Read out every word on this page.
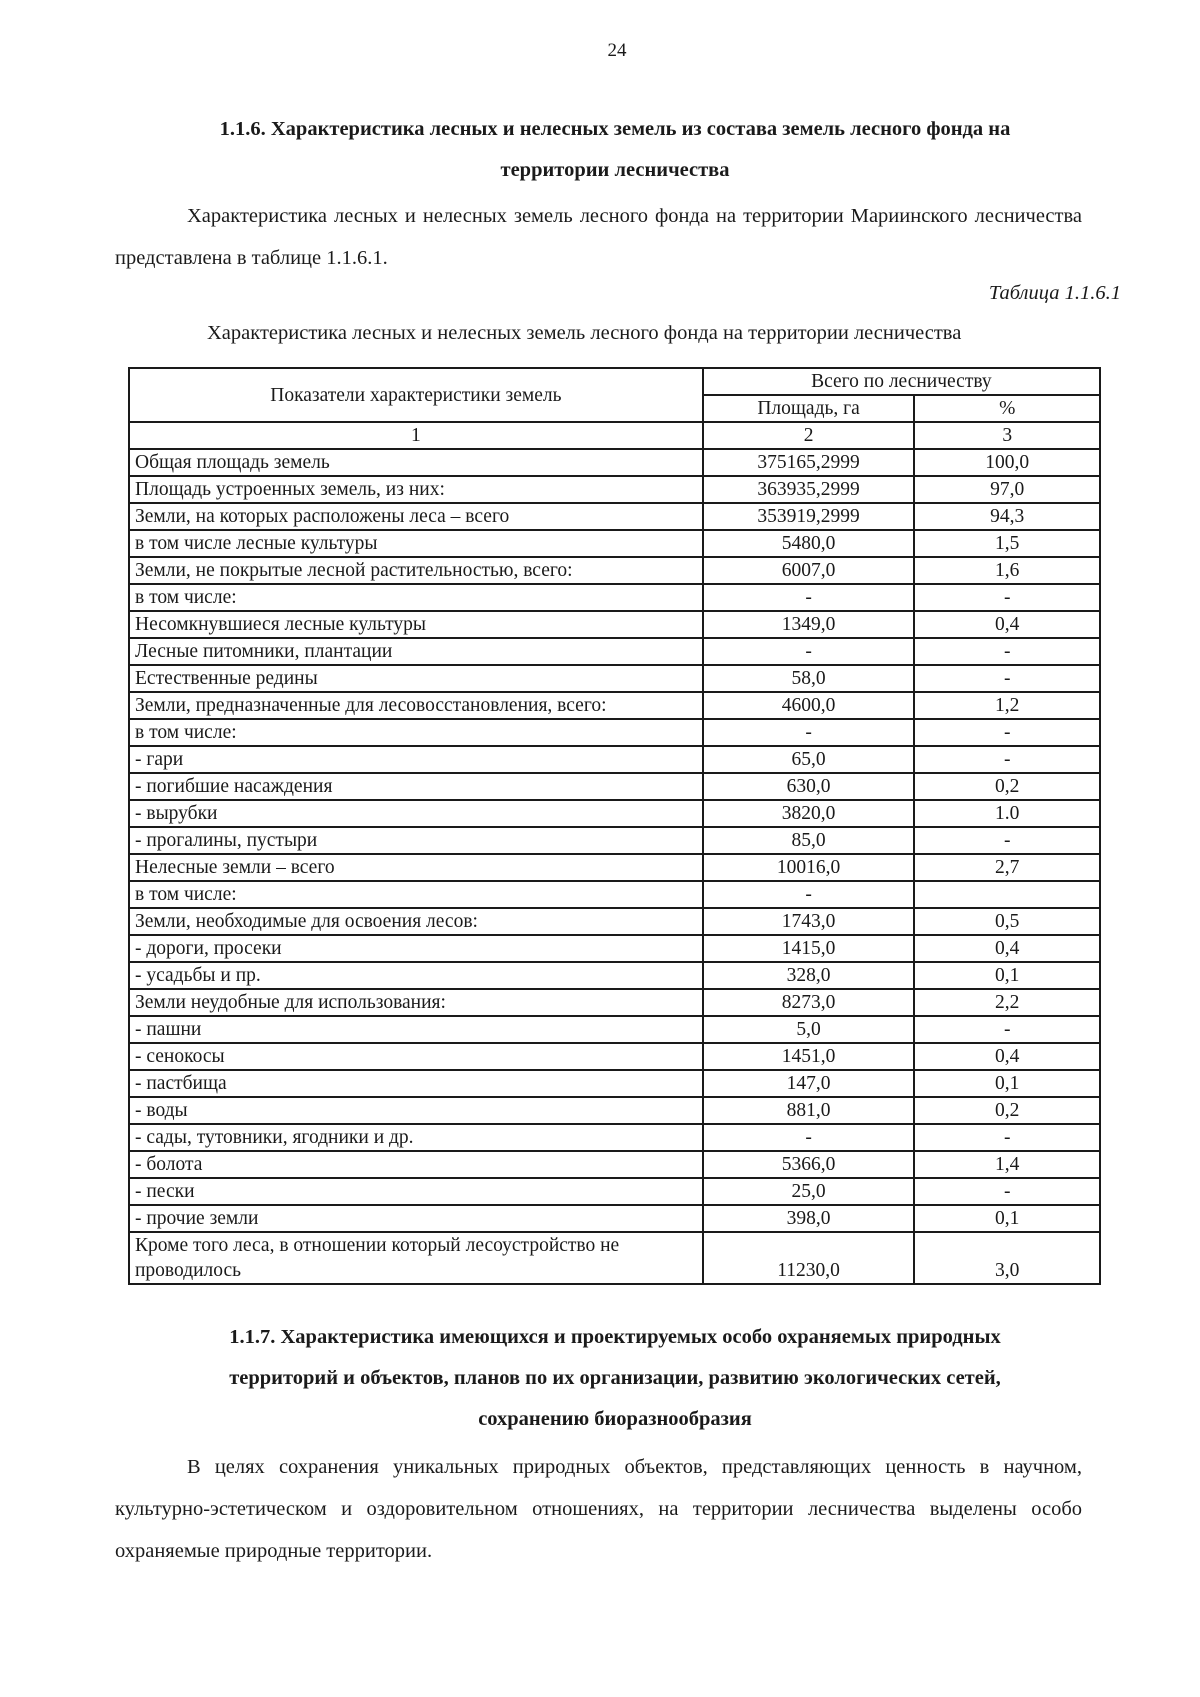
24
1.1.6. Характеристика лесных и нелесных земель из состава земель лесного фонда на
территории лесничества
Характеристика лесных и нелесных земель лесного фонда на территории Мариинского лесничества представлена в таблице 1.1.6.1.
Таблица 1.1.6.1
Характеристика лесных и нелесных земель лесного фонда на территории лесничества
Показатели характеристики земель	Всего по лесничеству	
	Площадь, га	%
1	2	3
Общая площадь земель	375165,2999	100,0
Площадь устроенных земель, из них:	363935,2999	97,0
Земли, на которых расположены леса – всего	353919,2999	94,3
в том числе лесные культуры	5480,0	1,5
Земли, не покрытые лесной растительностью, всего:	6007,0	1,6
в том числе:	-	-
Несомкнувшиеся лесные культуры	1349,0	0,4
Лесные питомники, плантации	-	-
Естественные редины	58,0	-
Земли, предназначенные для лесовосстановления, всего:	4600,0	1,2
в том числе:	-	-
- гари	65,0	-
- погибшие насаждения	630,0	0,2
- вырубки	3820,0	1.0
- прогалины, пустыри	85,0	-
Нелесные земли – всего	10016,0	2,7
в том числе:	-	
Земли, необходимые для освоения лесов:	1743,0	0,5
- дороги, просеки	1415,0	0,4
- усадьбы и пр.	328,0	0,1
Земли неудобные для использования:	8273,0	2,2
- пашни	5,0	-
- сенокосы	1451,0	0,4
- пастбища	147,0	0,1
- воды	881,0	0,2
- сады, тутовники, ягодники и др.	-	-
- болота	5366,0	1,4
- пески	25,0	-
- прочие земли	398,0	0,1

Кроме того леса, в отношении который лесоустройство не
проводилось	11230,0	3,0
1.1.7. Характеристика имеющихся и проектируемых особо охраняемых природных
территорий и объектов, планов по их организации, развитию экологических сетей,
сохранению биоразнообразия
В целях сохранения уникальных природных объектов, представляющих ценность в научном, культурно-эстетическом и оздоровительном отношениях, на территории лесничества выделены особо охраняемые природные территории.
